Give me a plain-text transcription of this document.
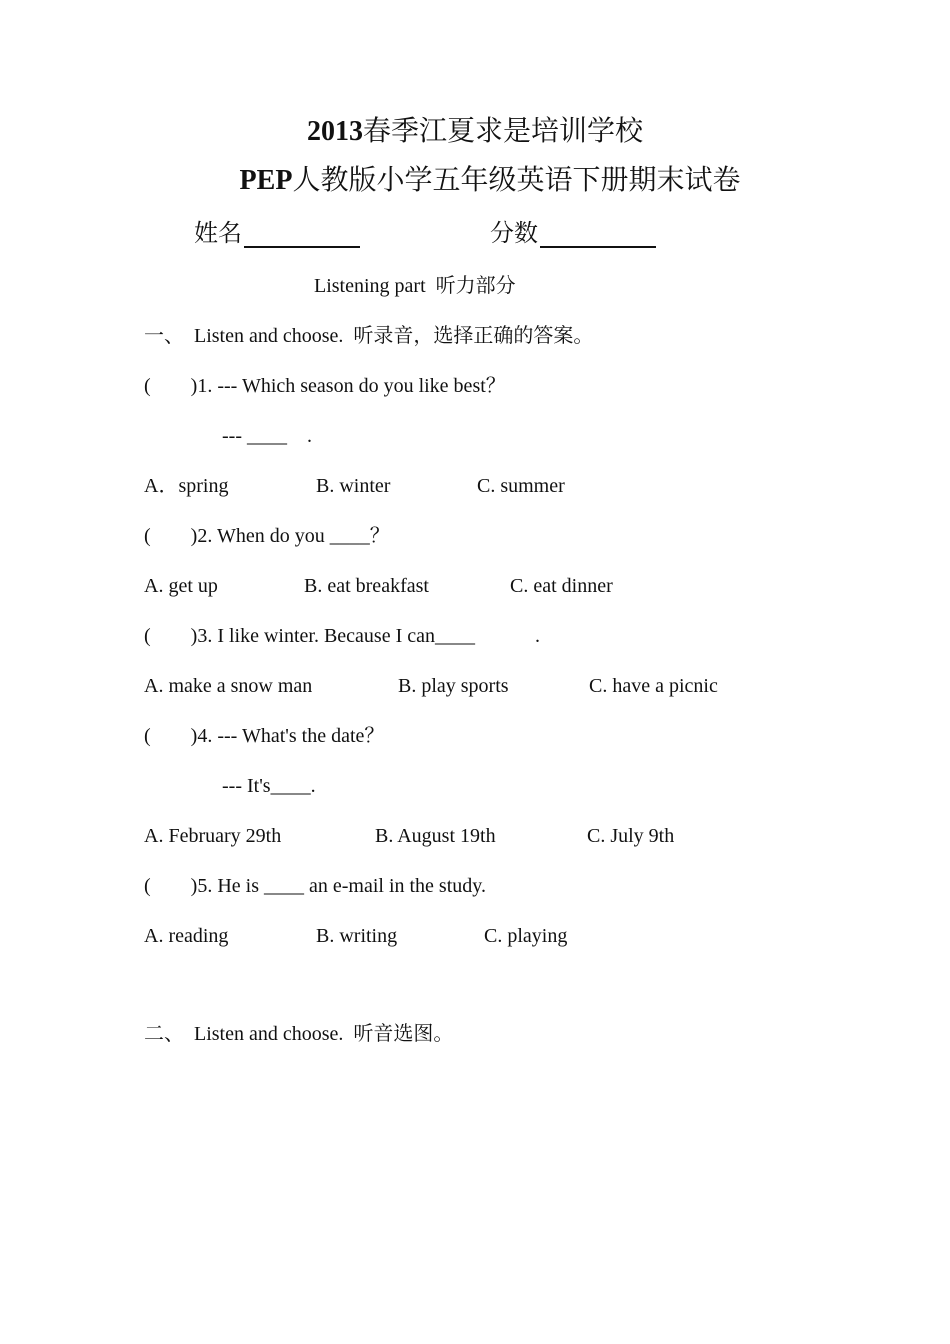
2013春季江夏求是培训学校
PEP人教版小学五年级英语下册期末试卷
姓名	分数
Listening part  听力部分
一、  Listen and choose.  听录音，选择正确的答案。
(        )1. --- Which season do you like best？
--- ____    .
A．spring	B. winter	C. summer
(        )2. When do you ____？
A. get up	B. eat breakfast	C. eat dinner
(        )3. I like winter. Because I can____            .
A. make a snow man	B. play sports	C. have a picnic
(        )4. --- What's the date？
--- It's____.
A. February 29th	B. August 19th	C. July 9th
(        )5. He is ____ an e-mail in the study.
A. reading	B. writing	C. playing
二、  Listen and choose.  听音选图。
